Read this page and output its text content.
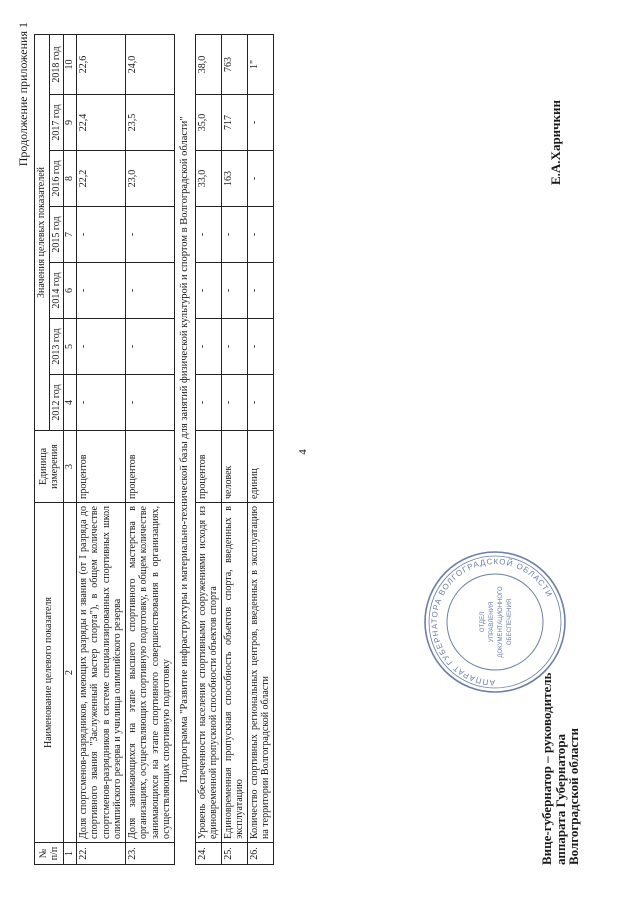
4
Продолжение приложения 1
№
п/п	Наименование целевого показателя	Единица измерения	Значения целевых показателей						
			2012 год	2013 год	2014 год	2015 год	2016 год	2017 год	2018 год
1	2	3	4	5	6	7	8	9	10
22.	Доля спортсменов-разрядников, имеющих разряды и звания (от I разряда до спортивного звания "Заслуженный мастер спорта"), в общем количестве спортсменов-разрядников в системе специализированных спортивных школ олимпийского резерва и училища олимпийского резерва	процентов	-	-	-	-	22,2	22,4	22,6
23.	Доля занимающихся на этапе высшего спортивного мастерства в организациях, осуществляющих спортивную подготовку, в общем количестве занимающихся на этапе спортивного совершенствования в организациях, осуществляющих спортивную подготовку	процентов	-	-	-	-	23,0	23,5	24,0
Подпрограмма "Развитие инфраструктуры и материально-технической базы для занятий физической культурой и спортом в Волгоградской области"									
24.	Уровень обеспеченности населения спортивными сооружениями исходя из единовременной пропускной способности объектов спорта	процентов	-	-	-	-	33,0	35,0	38,0
25.	Единовременная пропускная способность объектов спорта, введенных в эксплуатацию	человек	-	-	-	-	163	717	763
26.	Количество спортивных региональных центров, введенных в эксплуатацию на территории Волгоградской области	единиц	-	-	-	-	-	-	1"
Вице-губернатор – руководитель
аппарата Губернатора
Волгоградской области
АППАРАТ ГУБЕРНАТОРА ВОЛГОГРАДСКОЙ ОБЛАСТИ
ОТДЕЛ УПРАВЛЕНИЯ ДОКУМЕНТАЦИОННОГО ОБЕСПЕЧЕНИЯ
Е.А.Харичкин
